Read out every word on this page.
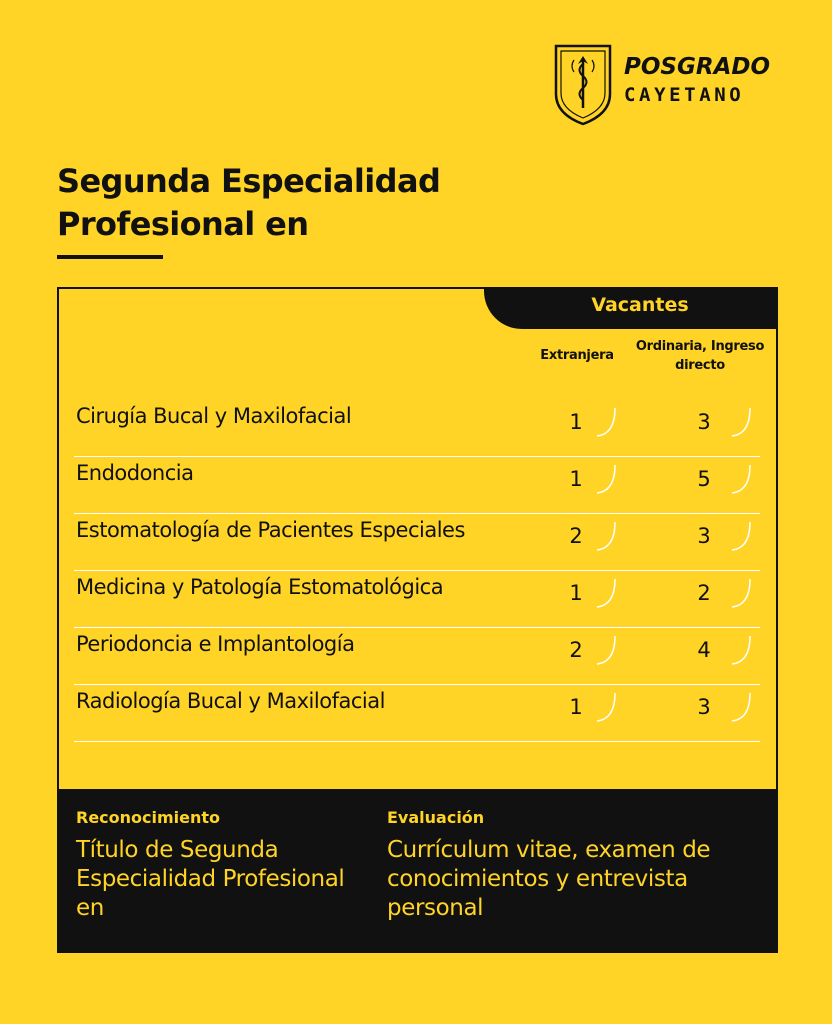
POSGRADO
CAYETANO
Segunda Especialidad Profesional en
Vacantes
Extranjera
Ordinaria, Ingreso directo
Cirugía Bucal y Maxilofacial	1	3
Endodoncia	1	5
Estomatología de Pacientes Especiales	2	3
Medicina y Patología Estomatológica	1	2
Periodoncia e Implantología	2	4
Radiología Bucal y Maxilofacial	1	3
Reconocimiento
Título de Segunda Especialidad Profesional en
Evaluación
Currículum vitae, examen de conocimientos y entrevista personal
